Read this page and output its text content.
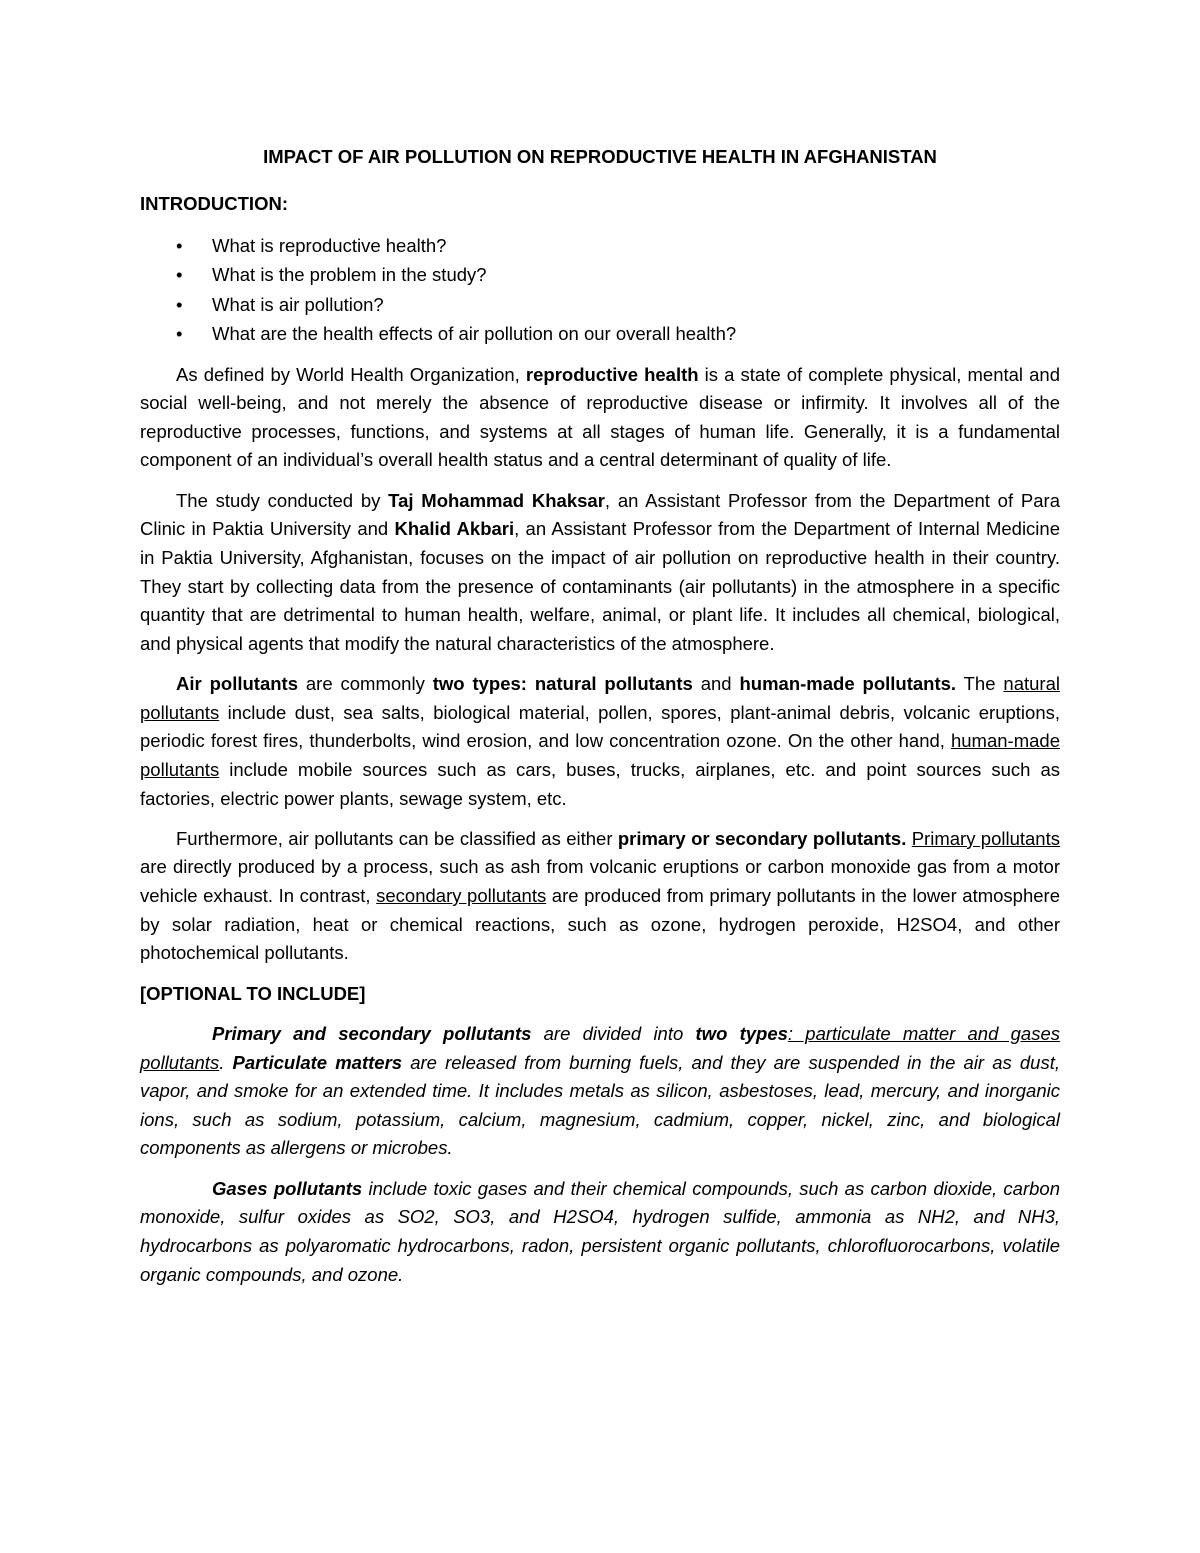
IMPACT OF AIR POLLUTION ON REPRODUCTIVE HEALTH IN AFGHANISTAN
INTRODUCTION:
• What is reproductive health?
• What is the problem in the study?
• What is air pollution?
• What are the health effects of air pollution on our overall health?

As defined by World Health Organization, reproductive health is a state of complete physical, mental and social well-being, and not merely the absence of reproductive disease or infirmity. It involves all of the reproductive processes, functions, and systems at all stages of human life. Generally, it is a fundamental component of an individual’s overall health status and a central determinant of quality of life.

The study conducted by Taj Mohammad Khaksar, an Assistant Professor from the Department of Para Clinic in Paktia University and Khalid Akbari, an Assistant Professor from the Department of Internal Medicine in Paktia University, Afghanistan, focuses on the impact of air pollution on reproductive health in their country. They start by collecting data from the presence of contaminants (air pollutants) in the atmosphere in a specific quantity that are detrimental to human health, welfare, animal, or plant life. It includes all chemical, biological, and physical agents that modify the natural characteristics of the atmosphere.

Air pollutants are commonly two types: natural pollutants and human-made pollutants. The natural pollutants include dust, sea salts, biological material, pollen, spores, plant-animal debris, volcanic eruptions, periodic forest fires, thunderbolts, wind erosion, and low concentration ozone. On the other hand, human-made pollutants include mobile sources such as cars, buses, trucks, airplanes, etc. and point sources such as factories, electric power plants, sewage system, etc.

Furthermore, air pollutants can be classified as either primary or secondary pollutants. Primary pollutants are directly produced by a process, such as ash from volcanic eruptions or carbon monoxide gas from a motor vehicle exhaust. In contrast, secondary pollutants are produced from primary pollutants in the lower atmosphere by solar radiation, heat or chemical reactions, such as ozone, hydrogen peroxide, H2SO4, and other photochemical pollutants.

[OPTIONAL TO INCLUDE]

Primary and secondary pollutants are divided into two types: particulate matter and gases pollutants. Particulate matters are released from burning fuels, and they are suspended in the air as dust, vapor, and smoke for an extended time. It includes metals as silicon, asbestoses, lead, mercury, and inorganic ions, such as sodium, potassium, calcium, magnesium, cadmium, copper, nickel, zinc, and biological components as allergens or microbes.

Gases pollutants include toxic gases and their chemical compounds, such as carbon dioxide, carbon monoxide, sulfur oxides as SO2, SO3, and H2SO4, hydrogen sulfide, ammonia as NH2, and NH3, hydrocarbons as polyaromatic hydrocarbons, radon, persistent organic pollutants, chlorofluorocarbons, volatile organic compounds, and ozone.
